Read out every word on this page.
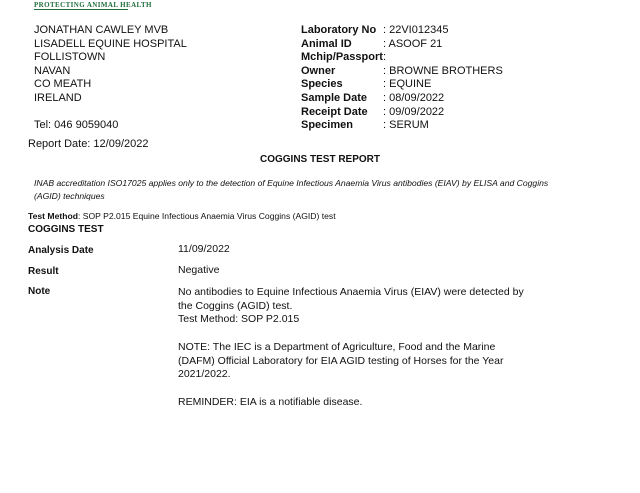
PROTECTING ANIMAL HEALTH
JONATHAN CAWLEY MVB
LISADELL EQUINE HOSPITAL
FOLLISTOWN
NAVAN
CO MEATH
IRELAND
Tel: 046 9059040
Report Date: 12/09/2022
Laboratory No : 22VI012345
Animal ID	: ASOOF 21
Mchip/Passport :
Owner	: BROWNE BROTHERS
Species	: EQUINE
Sample Date	: 08/09/2022
Receipt Date	: 09/09/2022
Specimen	: SERUM
COGGINS TEST REPORT
INAB accreditation ISO17025 applies only to the detection of Equine Infectious Anaemia Virus antibodies (EIAV) by ELISA and Coggins (AGID) techniques
Test Method: SOP P2.015 Equine Infectious Anaemia Virus Coggins (AGID) test
COGGINS TEST
Analysis Date	11/09/2022
Result	Negative
Note	No antibodies to Equine Infectious Anaemia Virus (EIAV) were detected by
the Coggins (AGID) test.
Test Method: SOP P2.015

NOTE: The IEC is a Department of Agriculture, Food and the Marine
(DAFM) Official Laboratory for EIA AGID testing of Horses for the Year
2021/2022.

REMINDER: EIA is a notifiable disease.
